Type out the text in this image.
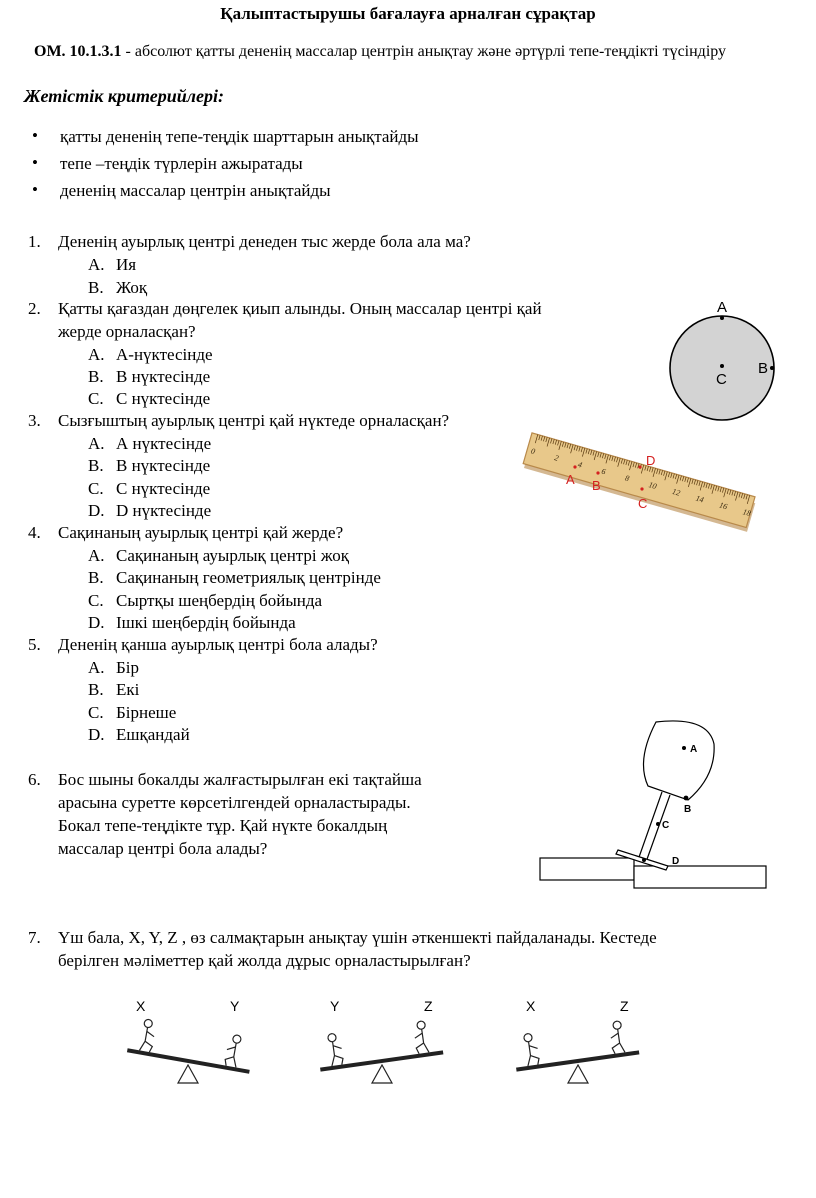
Қалыптастырушы бағалауға арналған сұрақтар
ОМ. 10.1.3.1 - абсолют қатты дененің массалар центрін анықтау және әртүрлі тепе-теңдікті түсіндіру
Жетістік критерийлері:
• қатты дененің тепе-теңдік шарттарын анықтайды
• тепе –теңдік түрлерін ажыратады
• дененің массалар центрін анықтайды
1. Дененің ауырлық центрі денеден тыс жерде бола ала ма?
A. Ия
B. Жоқ
2. Қатты қағаздан дөңгелек қиып алынды. Оның массалар центрі қай
жерде орналасқан?
A. А-нүктесінде
B. В нүктесінде
C. С нүктесінде
3. Сызғыштың ауырлық центрі қай нүктеде орналасқан?
A. А нүктесінде
B. В нүктесінде
C. С нүктесінде
D. D нүктесінде
4. Сақинаның ауырлық центрі қай жерде?
A. Сақинаның ауырлық центрі жоқ
B. Сақинаның геометриялық центрінде
C. Сыртқы шеңбердің бойында
D. Ішкі шеңбердің бойында
5. Дененің қанша ауырлық центрі бола алады?
A. Бір
B. Екі
C. Бірнеше
D. Ешқандай
6. Бос шыны бокалды жалғастырылған екі тақтайша
арасына суретте көрсетілгендей орналастырады.
Бокал тепе-теңдікте тұр. Қай нүкте бокалдың
массалар центрі бола алады?
7. Үш бала, X, Y, Z , өз салмақтарын анықтау үшін әткеншекті пайдаланады. Кестеде
берілген мәліметтер қай жолда дұрыс орналастырылған?
A
B
C
0
2
4
6
8
10
12
14
16
18
A B
C
D
A
B
C
D
X	Y	Y	Z	X	Z
